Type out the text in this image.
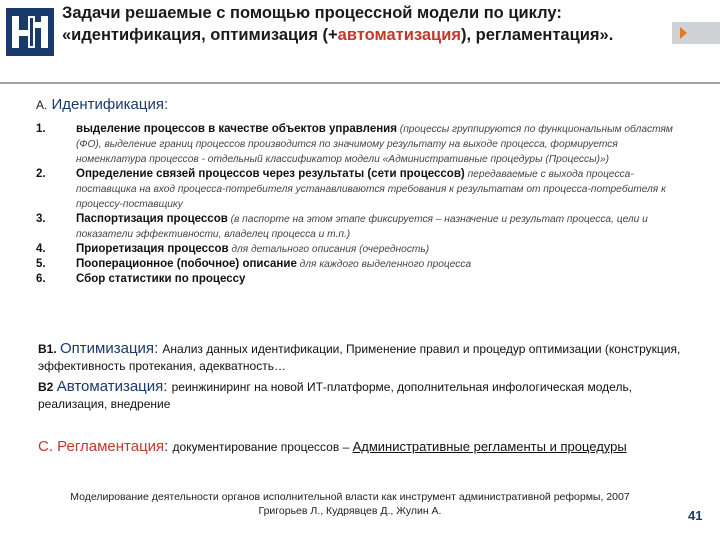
Задачи решаемые с помощью процессной модели по циклу: «идентификация, оптимизация (+автоматизация), регламентация».
A. Идентификация:
1.	выделение процессов в качестве объектов управления (процессы группируются по функциональным областям (ФО), выделение границ процессов производится по значимому результату на выходе процесса, формируется номенклатура процессов - отдельный классификатор модели «Административные процедуры (Процессы)»)
2.	Определение связей процессов через результаты (сети процессов) передаваемые с выхода процесса-поставщика на вход процесса-потребителя устанавливаются требования к результатам от процесса-потребителя к процессу-поставщику
3.	Паспортизация процессов (в паспорте на этом этапе фиксируется – назначение и результат процесса, цели и показатели эффективности, владелец процесса и т.п.)
4.	Приоретизация процессов для детального описания (очередность)
5.	Пооперационное (побочное) описание для каждого выделенного процесса
6.	Сбор статистики по процессу
B1. Оптимизация: Анализ данных идентификации, Применение правил и процедур оптимизации (конструкция, эффективность протекания, адекватность…
B2 Автоматизация: реинжиниринг на новой ИТ-платформе, дополнительная инфологическая модель, реализация, внедрение
C. Регламентация: документирование процессов – Административные регламенты и процедуры
Моделирование деятельности органов исполнительной власти как инструмент административной реформы, 2007
Григорьев Л., Кудрявцев Д., Жулин А.	41
